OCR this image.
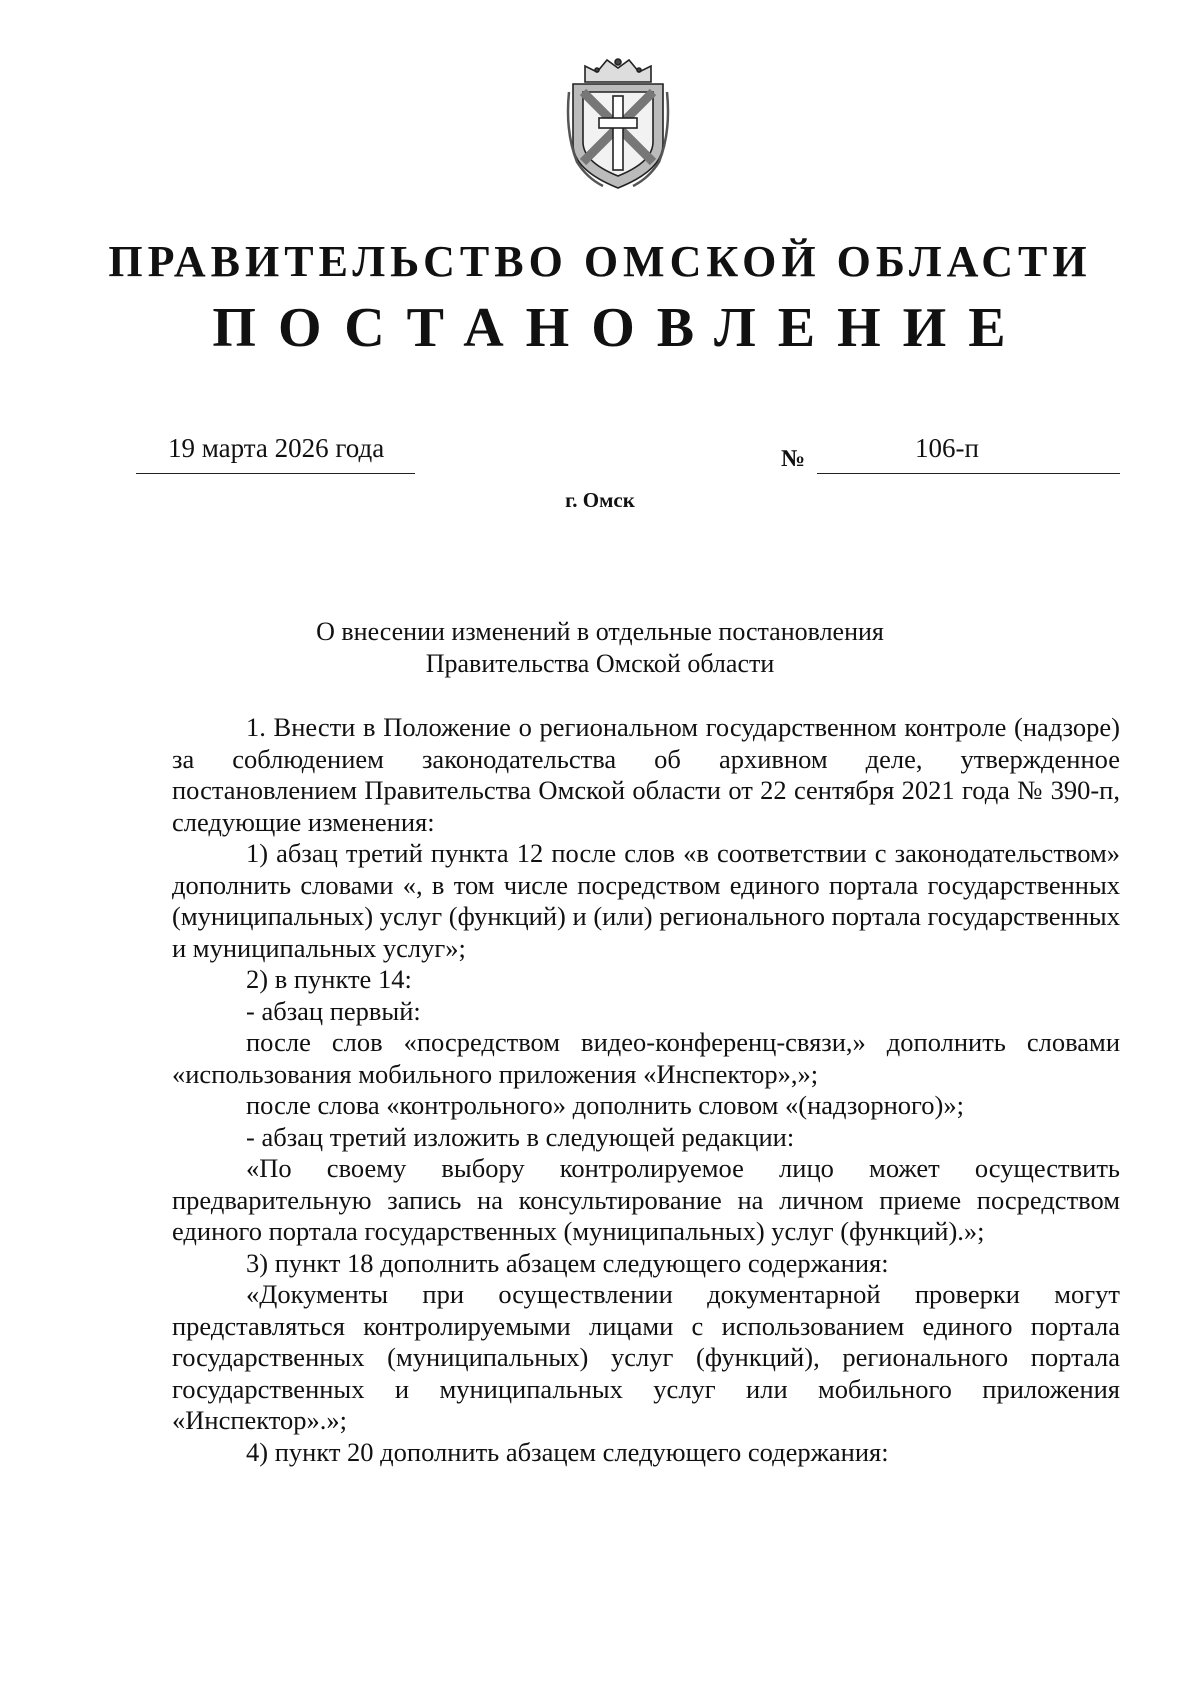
ПРАВИТЕЛЬСТВО ОМСКОЙ ОБЛАСТИ
ПОСТАНОВЛЕНИЕ
19 марта 2026 года	№	106-п
г. Омск
О внесении изменений в отдельные постановления
Правительства Омской области

1. Внести в Положение о региональном государственном контроле (надзоре) за соблюдением законодательства об архивном деле, утвержденное постановлением Правительства Омской области от 22 сентября 2021 года № 390-п, следующие изменения:

1) абзац третий пункта 12 после слов «в соответствии с законодательством» дополнить словами «, в том числе посредством единого портала государственных (муниципальных) услуг (функций) и (или) регионального портала государственных и муниципальных услуг»;

2) в пункте 14:

- абзац первый:

после слов «посредством видео-конференц-связи,» дополнить словами «использования мобильного приложения «Инспектор»,»;

после слова «контрольного» дополнить словом «(надзорного)»;

- абзац третий изложить в следующей редакции:

«По своему выбору контролируемое лицо может осуществить предварительную запись на консультирование на личном приеме посредством единого портала государственных (муниципальных) услуг (функций).»;

3) пункт 18 дополнить абзацем следующего содержания:

«Документы при осуществлении документарной проверки могут представляться контролируемыми лицами с использованием единого портала государственных (муниципальных) услуг (функций), регионального портала государственных и муниципальных услуг или мобильного приложения «Инспектор».»;

4) пункт 20 дополнить абзацем следующего содержания:
